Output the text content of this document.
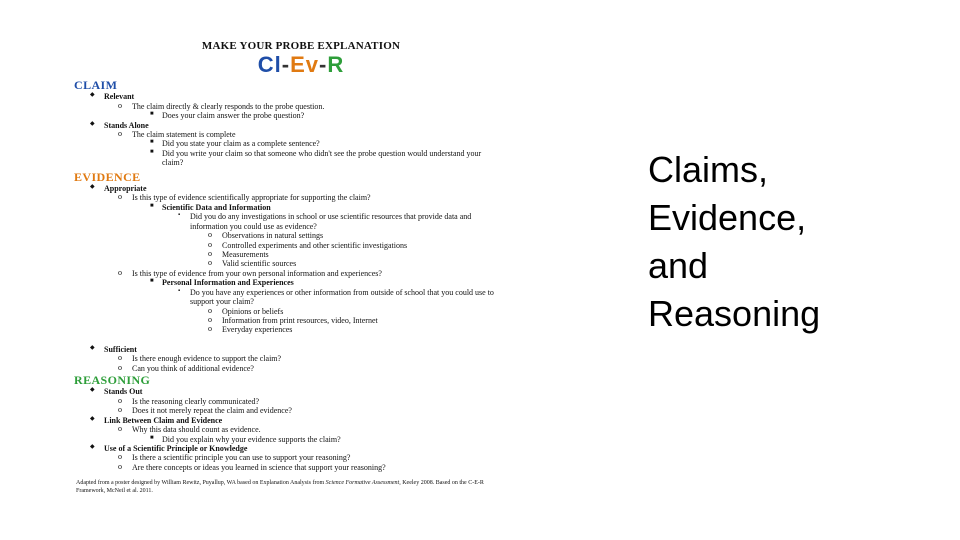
MAKE YOUR PROBE EXPLANATION
Cl-Ev-R
CLAIM
◆ Relevant
o The claim directly & clearly responds to the probe question.
■ Does your claim answer the probe question?
◆ Stands Alone
o The claim statement is complete
■ Did you state your claim as a complete sentence?
■ Did you write your claim so that someone who didn't see the probe question would understand your claim?
EVIDENCE
◆ Appropriate
o Is this type of evidence scientifically appropriate for supporting the claim?
■ Scientific Data and Information
▪ Did you do any investigations in school or use scientific resources that provide data and information you could use as evidence?
o Observations in natural settings
o Controlled experiments and other scientific investigations
o Measurements
o Valid scientific sources
o Is this type of evidence from your own personal information and experiences?
■ Personal Information and Experiences
▪ Do you have any experiences or other information from outside of school that you could use to support your claim?
o Opinions or beliefs
o Information from print resources, video, Internet
o Everyday experiences
◆ Sufficient
o Is there enough evidence to support the claim?
o Can you think of additional evidence?
REASONING
◆ Stands Out
o Is the reasoning clearly communicated?
o Does it not merely repeat the claim and evidence?
◆ Link Between Claim and Evidence
o Why this data should count as evidence.
■ Did you explain why your evidence supports the claim?
◆ Use of a Scientific Principle or Knowledge
o Is there a scientific principle you can use to support your reasoning?
o Are there concepts or ideas you learned in science that support your reasoning?
Adapted from a poster designed by William Rewitz, Puyallup, WA based on Explanation Analysis from Science Formative Assessment, Keeley 2008. Based on the C-E-R Framework, McNeil et al. 2011.
Claims,
Evidence,
and
Reasoning
